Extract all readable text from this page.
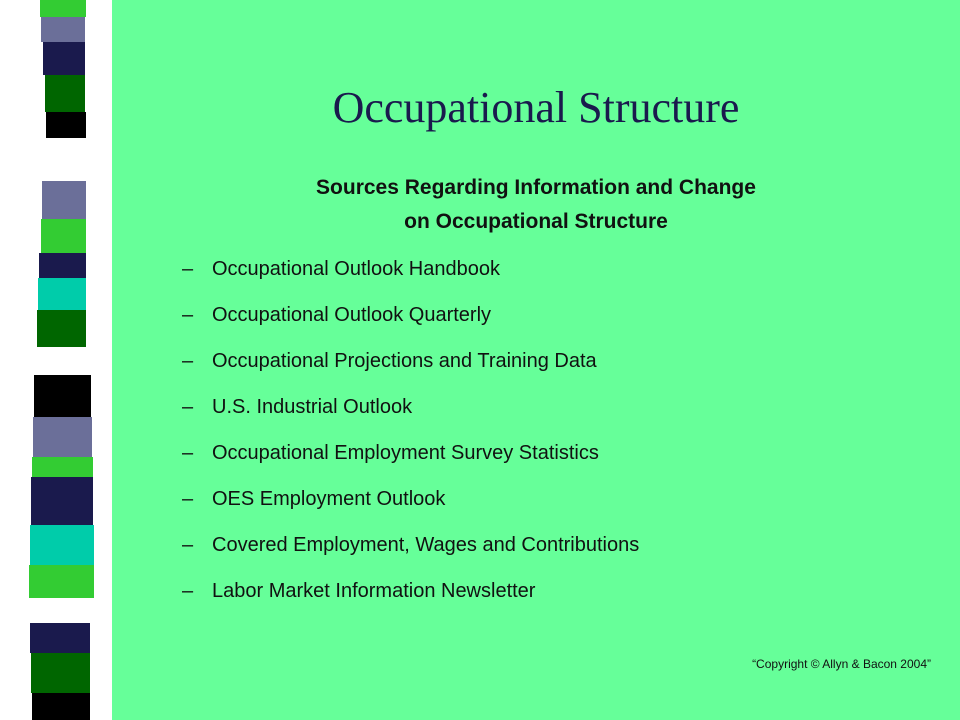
Occupational Structure
Sources Regarding Information and Change
on Occupational Structure
– Occupational Outlook Handbook
– Occupational Outlook Quarterly
– Occupational Projections and Training Data
– U.S. Industrial Outlook
– Occupational Employment Survey Statistics
– OES Employment Outlook
– Covered Employment, Wages and Contributions
– Labor Market Information Newsletter
“Copyright © Allyn & Bacon 2004”
